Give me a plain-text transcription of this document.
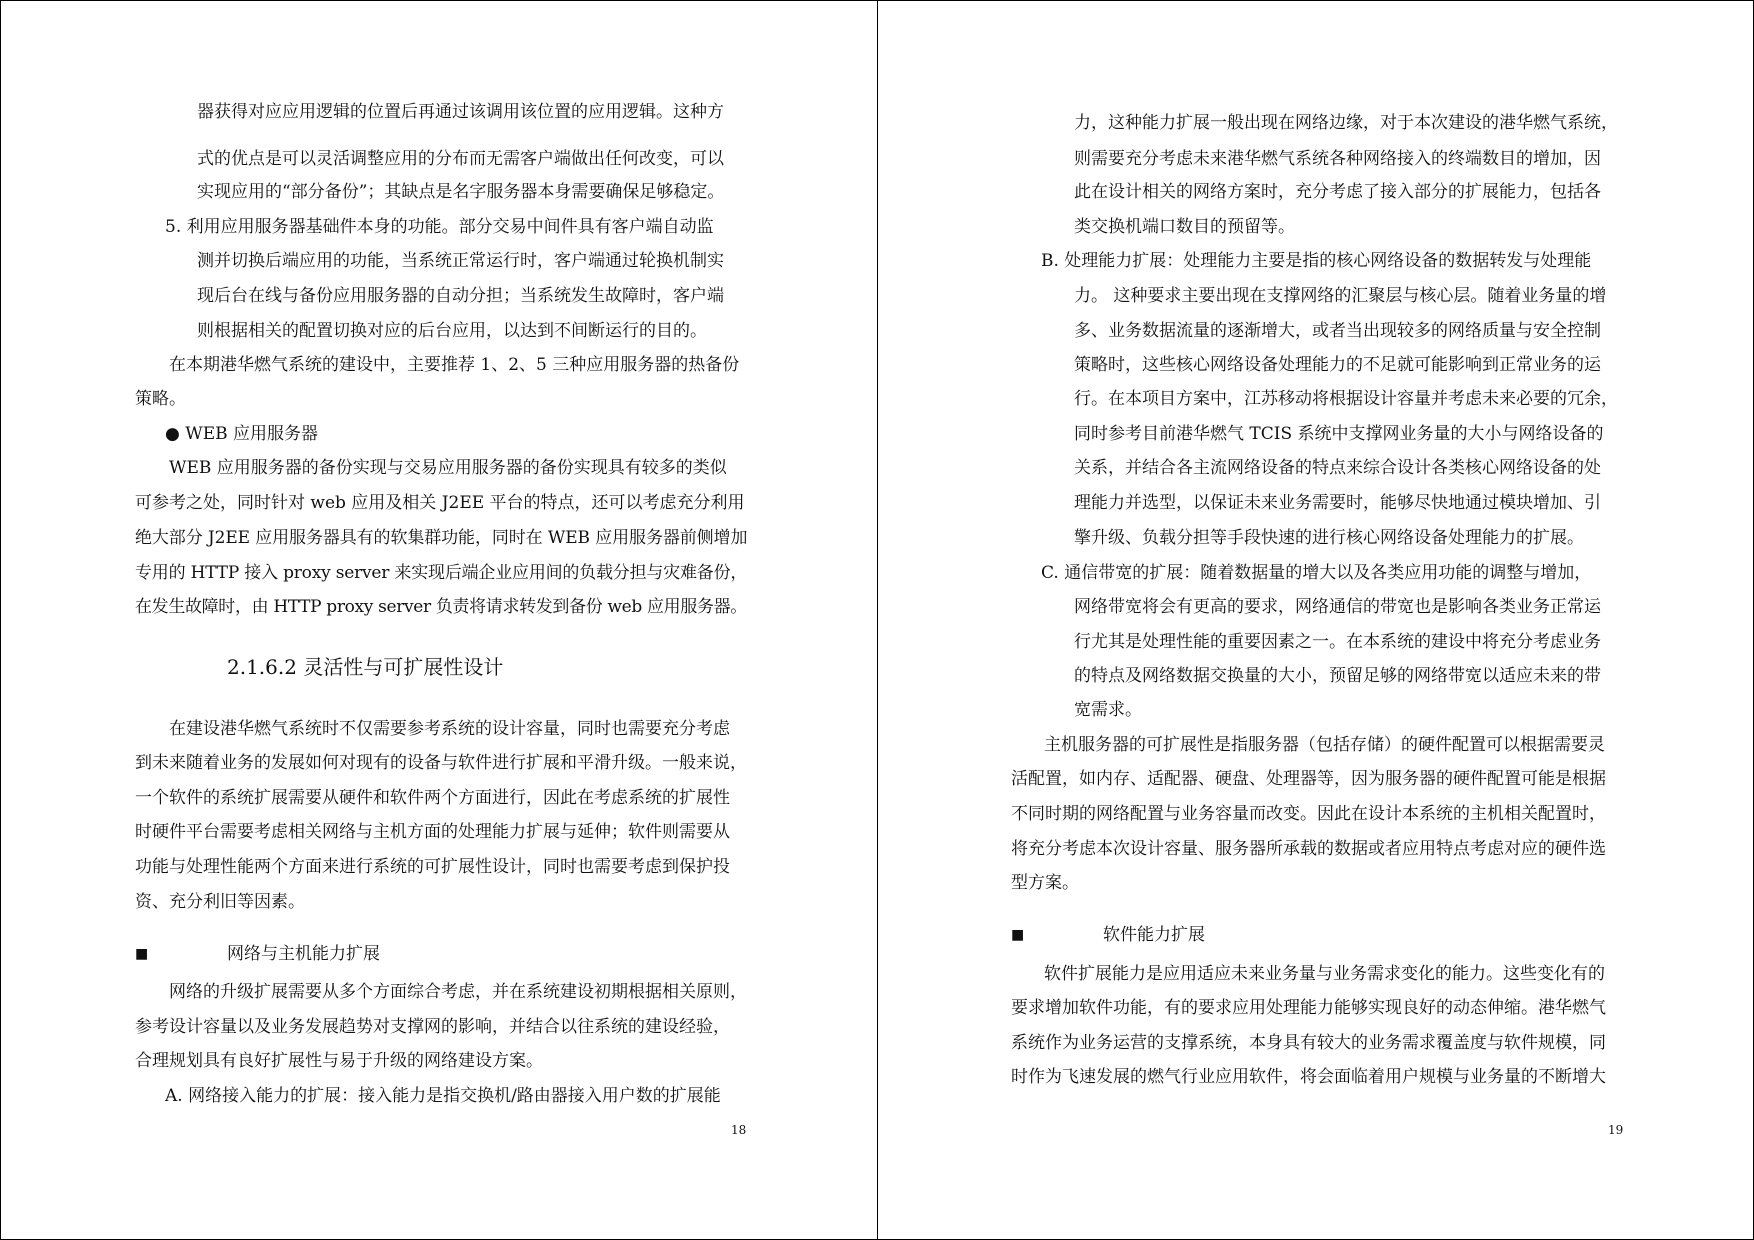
器获得对应应用逻辑的位置后再通过该调用该位置的应用逻辑。这种方
式的优点是可以灵活调整应用的分布而无需客户端做出任何改变，可以
实现应用的“部分备份”；其缺点是名字服务器本身需要确保足够稳定。
5. 利用应用服务器基础件本身的功能。部分交易中间件具有客户端自动监
测并切换后端应用的功能，当系统正常运行时，客户端通过轮换机制实
现后台在线与备份应用服务器的自动分担；当系统发生故障时，客户端
则根据相关的配置切换对应的后台应用，以达到不间断运行的目的。
在本期港华燃气系统的建设中，主要推荐 1、2、5 三种应用服务器的热备份
策略。
● WEB 应用服务器
WEB 应用服务器的备份实现与交易应用服务器的备份实现具有较多的类似
可参考之处，同时针对 web 应用及相关 J2EE 平台的特点，还可以考虑充分利用
绝大部分 J2EE 应用服务器具有的软集群功能，同时在 WEB 应用服务器前侧增加
专用的 HTTP 接入 proxy server 来实现后端企业应用间的负载分担与灾难备份，
在发生故障时，由 HTTP proxy server 负责将请求转发到备份 web 应用服务器。
2.1.6.2 灵活性与可扩展性设计
在建设港华燃气系统时不仅需要参考系统的设计容量，同时也需要充分考虑
到未来随着业务的发展如何对现有的设备与软件进行扩展和平滑升级。一般来说，
一个软件的系统扩展需要从硬件和软件两个方面进行，因此在考虑系统的扩展性
时硬件平台需要考虑相关网络与主机方面的处理能力扩展与延伸；软件则需要从
功能与处理性能两个方面来进行系统的可扩展性设计，同时也需要考虑到保护投
资、充分利旧等因素。
■	网络与主机能力扩展
网络的升级扩展需要从多个方面综合考虑，并在系统建设初期根据相关原则，
参考设计容量以及业务发展趋势对支撑网的影响，并结合以往系统的建设经验，
合理规划具有良好扩展性与易于升级的网络建设方案。
A. 网络接入能力的扩展：接入能力是指交换机/路由器接入用户数的扩展能
18
力，这种能力扩展一般出现在网络边缘，对于本次建设的港华燃气系统，
则需要充分考虑未来港华燃气系统各种网络接入的终端数目的增加，因
此在设计相关的网络方案时，充分考虑了接入部分的扩展能力，包括各
类交换机端口数目的预留等。
B. 处理能力扩展：处理能力主要是指的核心网络设备的数据转发与处理能
力。 这种要求主要出现在支撑网络的汇聚层与核心层。随着业务量的增
多、业务数据流量的逐渐增大，或者当出现较多的网络质量与安全控制
策略时，这些核心网络设备处理能力的不足就可能影响到正常业务的运
行。在本项目方案中，江苏移动将根据设计容量并考虑未来必要的冗余，
同时参考目前港华燃气 TCIS 系统中支撑网业务量的大小与网络设备的
关系，并结合各主流网络设备的特点来综合设计各类核心网络设备的处
理能力并选型，以保证未来业务需要时，能够尽快地通过模块增加、引
擎升级、负载分担等手段快速的进行核心网络设备处理能力的扩展。
C. 通信带宽的扩展：随着数据量的增大以及各类应用功能的调整与增加，
网络带宽将会有更高的要求，网络通信的带宽也是影响各类业务正常运
行尤其是处理性能的重要因素之一。在本系统的建设中将充分考虑业务
的特点及网络数据交换量的大小，预留足够的网络带宽以适应未来的带
宽需求。
主机服务器的可扩展性是指服务器（包括存储）的硬件配置可以根据需要灵
活配置，如内存、适配器、硬盘、处理器等，因为服务器的硬件配置可能是根据
不同时期的网络配置与业务容量而改变。因此在设计本系统的主机相关配置时，
将充分考虑本次设计容量、服务器所承载的数据或者应用特点考虑对应的硬件选
型方案。
■	软件能力扩展
软件扩展能力是应用适应未来业务量与业务需求变化的能力。这些变化有的
要求增加软件功能，有的要求应用处理能力能够实现良好的动态伸缩。港华燃气
系统作为业务运营的支撑系统，本身具有较大的业务需求覆盖度与软件规模，同
时作为飞速发展的燃气行业应用软件，将会面临着用户规模与业务量的不断增大
19
